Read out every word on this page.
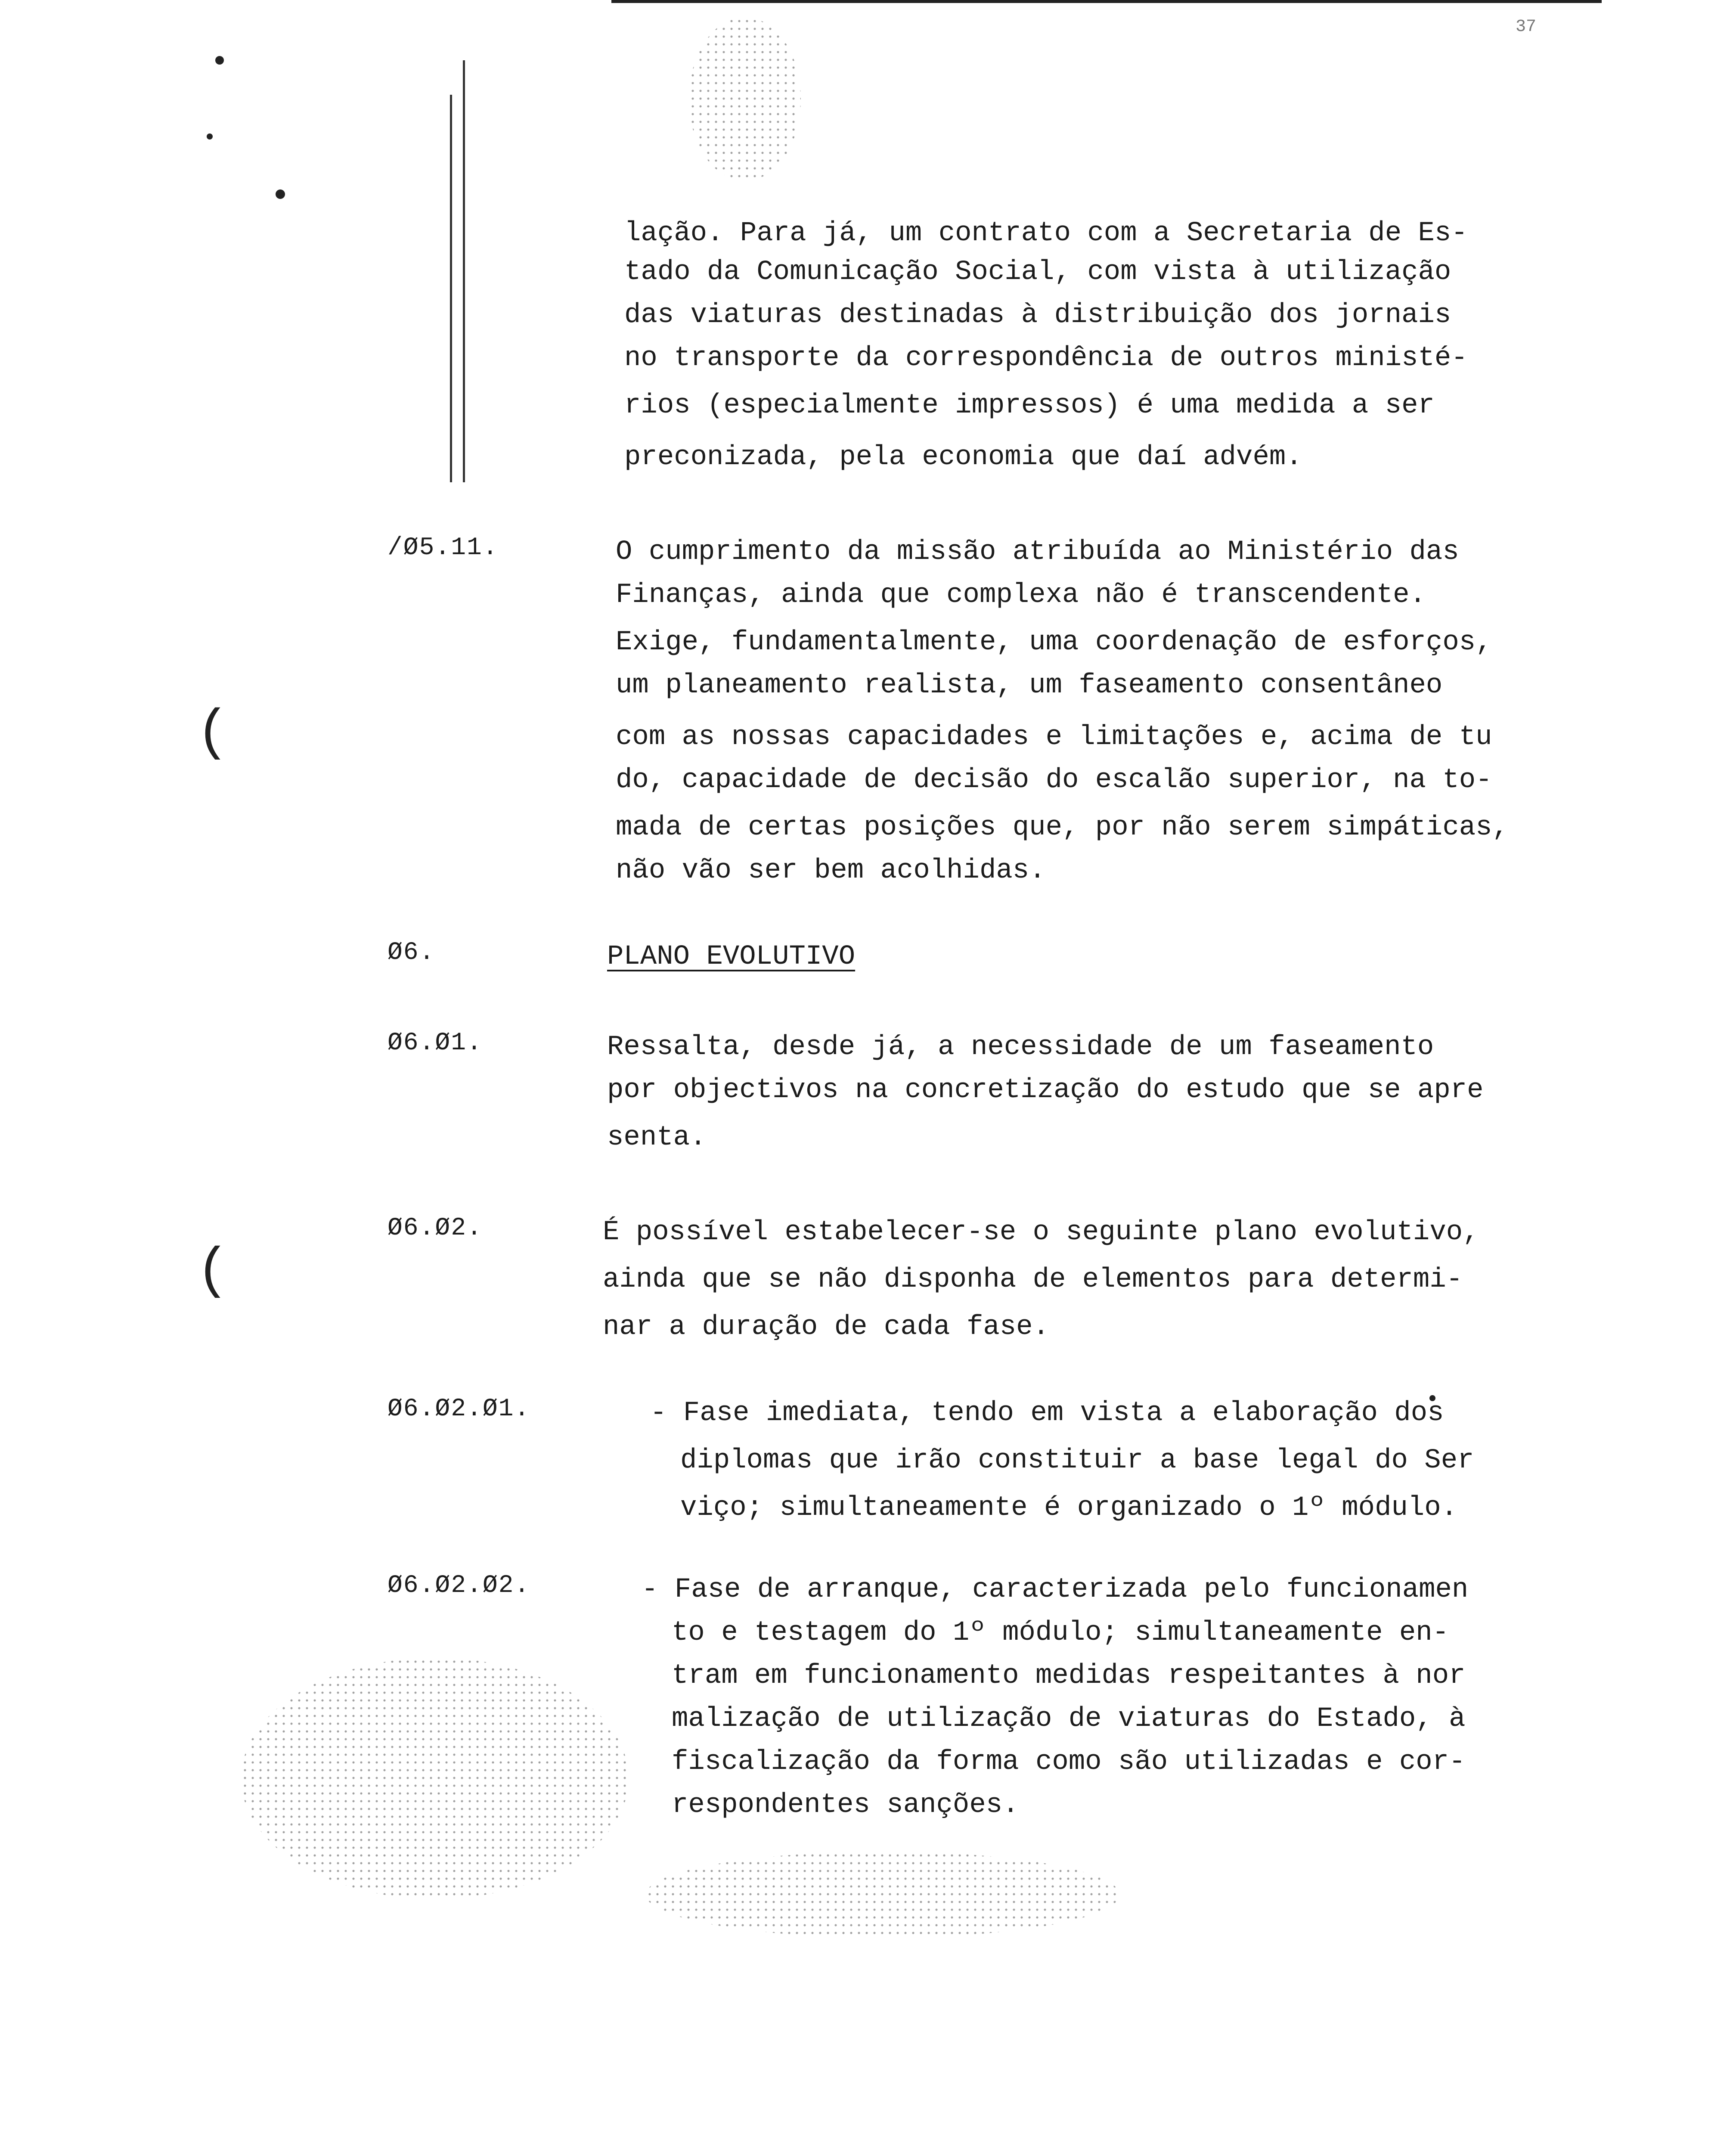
37
(
(
lação. Para já, um contrato com a Secretaria de Es-
tado da Comunicação Social, com vista à utilização
das viaturas destinadas à distribuição dos jornais
no transporte da correspondência de outros ministé-
rios (especialmente impressos) é uma medida a ser
preconizada, pela economia que daí advém.
/Ø5.11.	O cumprimento da missão atribuída ao Ministério das
Finanças, ainda que complexa não é transcendente.
Exige, fundamentalmente, uma coordenação de esforços,
um planeamento realista, um faseamento consentâneo
com as nossas capacidades e limitações e, acima de tu
do, capacidade de decisão do escalão superior, na to-
mada de certas posições que, por não serem simpáticas,
não vão ser bem acolhidas.
Ø6.	PLANO EVOLUTIVO
Ø6.Ø1.	Ressalta, desde já, a necessidade de um faseamento
por objectivos na concretização do estudo que se apre
senta.
Ø6.Ø2.	É possível estabelecer-se o seguinte plano evolutivo,
ainda que se não disponha de elementos para determi-
nar a duração de cada fase.
Ø6.Ø2.Ø1.	- Fase imediata, tendo em vista a elaboração dos
diplomas que irão constituir a base legal do Ser
viço; simultaneamente é organizado o 1º módulo.
Ø6.Ø2.Ø2.	- Fase de arranque, caracterizada pelo funcionamen
to e testagem do 1º módulo; simultaneamente en-
tram em funcionamento medidas respeitantes à nor
malização de utilização de viaturas do Estado, à
fiscalização da forma como são utilizadas e cor-
respondentes sanções.
